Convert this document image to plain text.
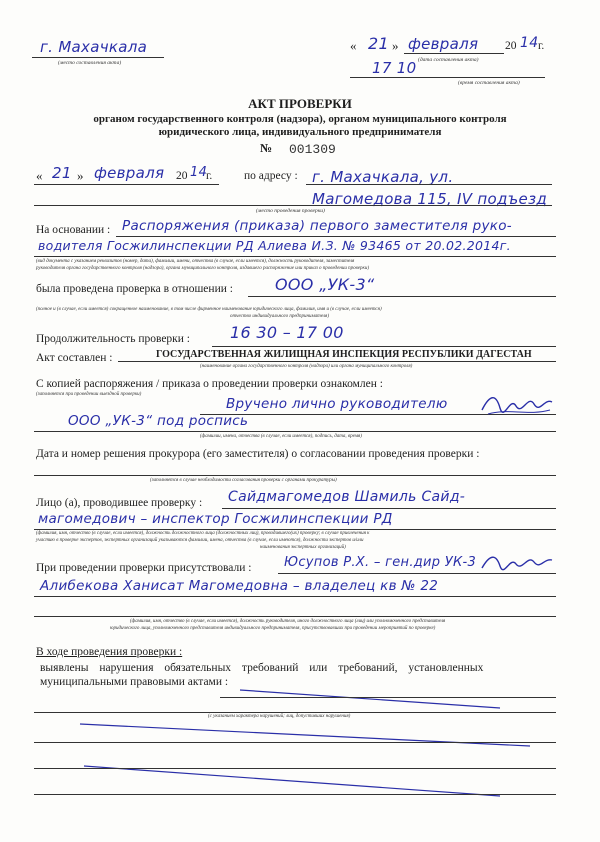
г. Махачкала
(место составления акта)
« 21 » февраля 20 14 г.
(дата составления акта)
17 10
(время составления акта)
АКТ ПРОВЕРКИ
органом государственного контроля (надзора), органом муниципального контроля
юридического лица, индивидуального предпринимателя
№ 001309
« 21 » февраля 20 14
г.	по адресу : г. Махачкала, ул. Магомедова 115, IV подъезд
(место проведения проверки)
На основании : Распоряжения (приказа) первого заместителя руко-
водителя Госжилинспекции РД Алиева И.З. № 93465 от 20.02.2014г.
(вид документа с указанием реквизитов (номер, дата), фамилии, имени, отчества (в случае, если имеется), должность руководителя, заместителя
руководителя органа государственного контроля (надзора), органа муниципального контроля, издавшего распоряжение или приказ о проведении проверки)
была проведена проверка в отношении :	ООО „УК-3“
(полное и (в случае, если имеется) сокращенное наименование, в том числе фирменное наименование юридического лица, фамилия, имя и (в случае, если имеется)
отчество индивидуального предпринимателя)
Продолжительность проверки :	16 30 – 17 00
Акт составлен :	ГОСУДАРСТВЕННАЯ ЖИЛИЩНАЯ ИНСПЕКЦИЯ РЕСПУБЛИКИ ДАГЕСТАН
(наименование органа государственного контроля (надзора) или органа муниципального контроля)
С копией распоряжения / приказа о проведении проверки ознакомлен :
(заполняется при проведении выездной проверки)
Вручено лично руководителю
ООО „УК-3“ под роспись
(фамилии, имена, отчества (в случае, если имеется), подпись, дата, время)
Дата и номер решения прокурора (его заместителя) о согласовании проведения проверки :
(заполняется в случае необходимости согласования проверки с органами прокуратуры)
Лицо (а), проводившее проверку : Сайдмагомедов Шамиль Сайд-
магомедович – инспектор Госжилинспекции РД
(фамилия, имя, отчество (в случае, если имеется), должность должностного лица (должностных лиц), проводившего(их) проверку; в случае привлечения к
участию в проверке экспертов, экспертных организаций указываются фамилии, имена, отчества (в случае, если имеются), должности экспертов и/или
наименования экспертных организаций)
При проведении проверки присутствовали :	Юсупов Р.Х. – ген.дир УК-3
Алибекова Ханисат Магомедовна – владелец кв № 22
(фамилия, имя, отчество (в случае, если имеется), должность руководителя, иного должностного лица (лиц) или уполномоченного представителя
юридического лица, уполномоченного представителя индивидуального предпринимателя, присутствовавших при проведении мероприятий по проверке)
В ходе проведения проверки :
выявлены нарушения обязательных требований или требований, установленных
муниципальными правовыми актами :
(с указанием характера нарушений; лиц, допустивших нарушения)
